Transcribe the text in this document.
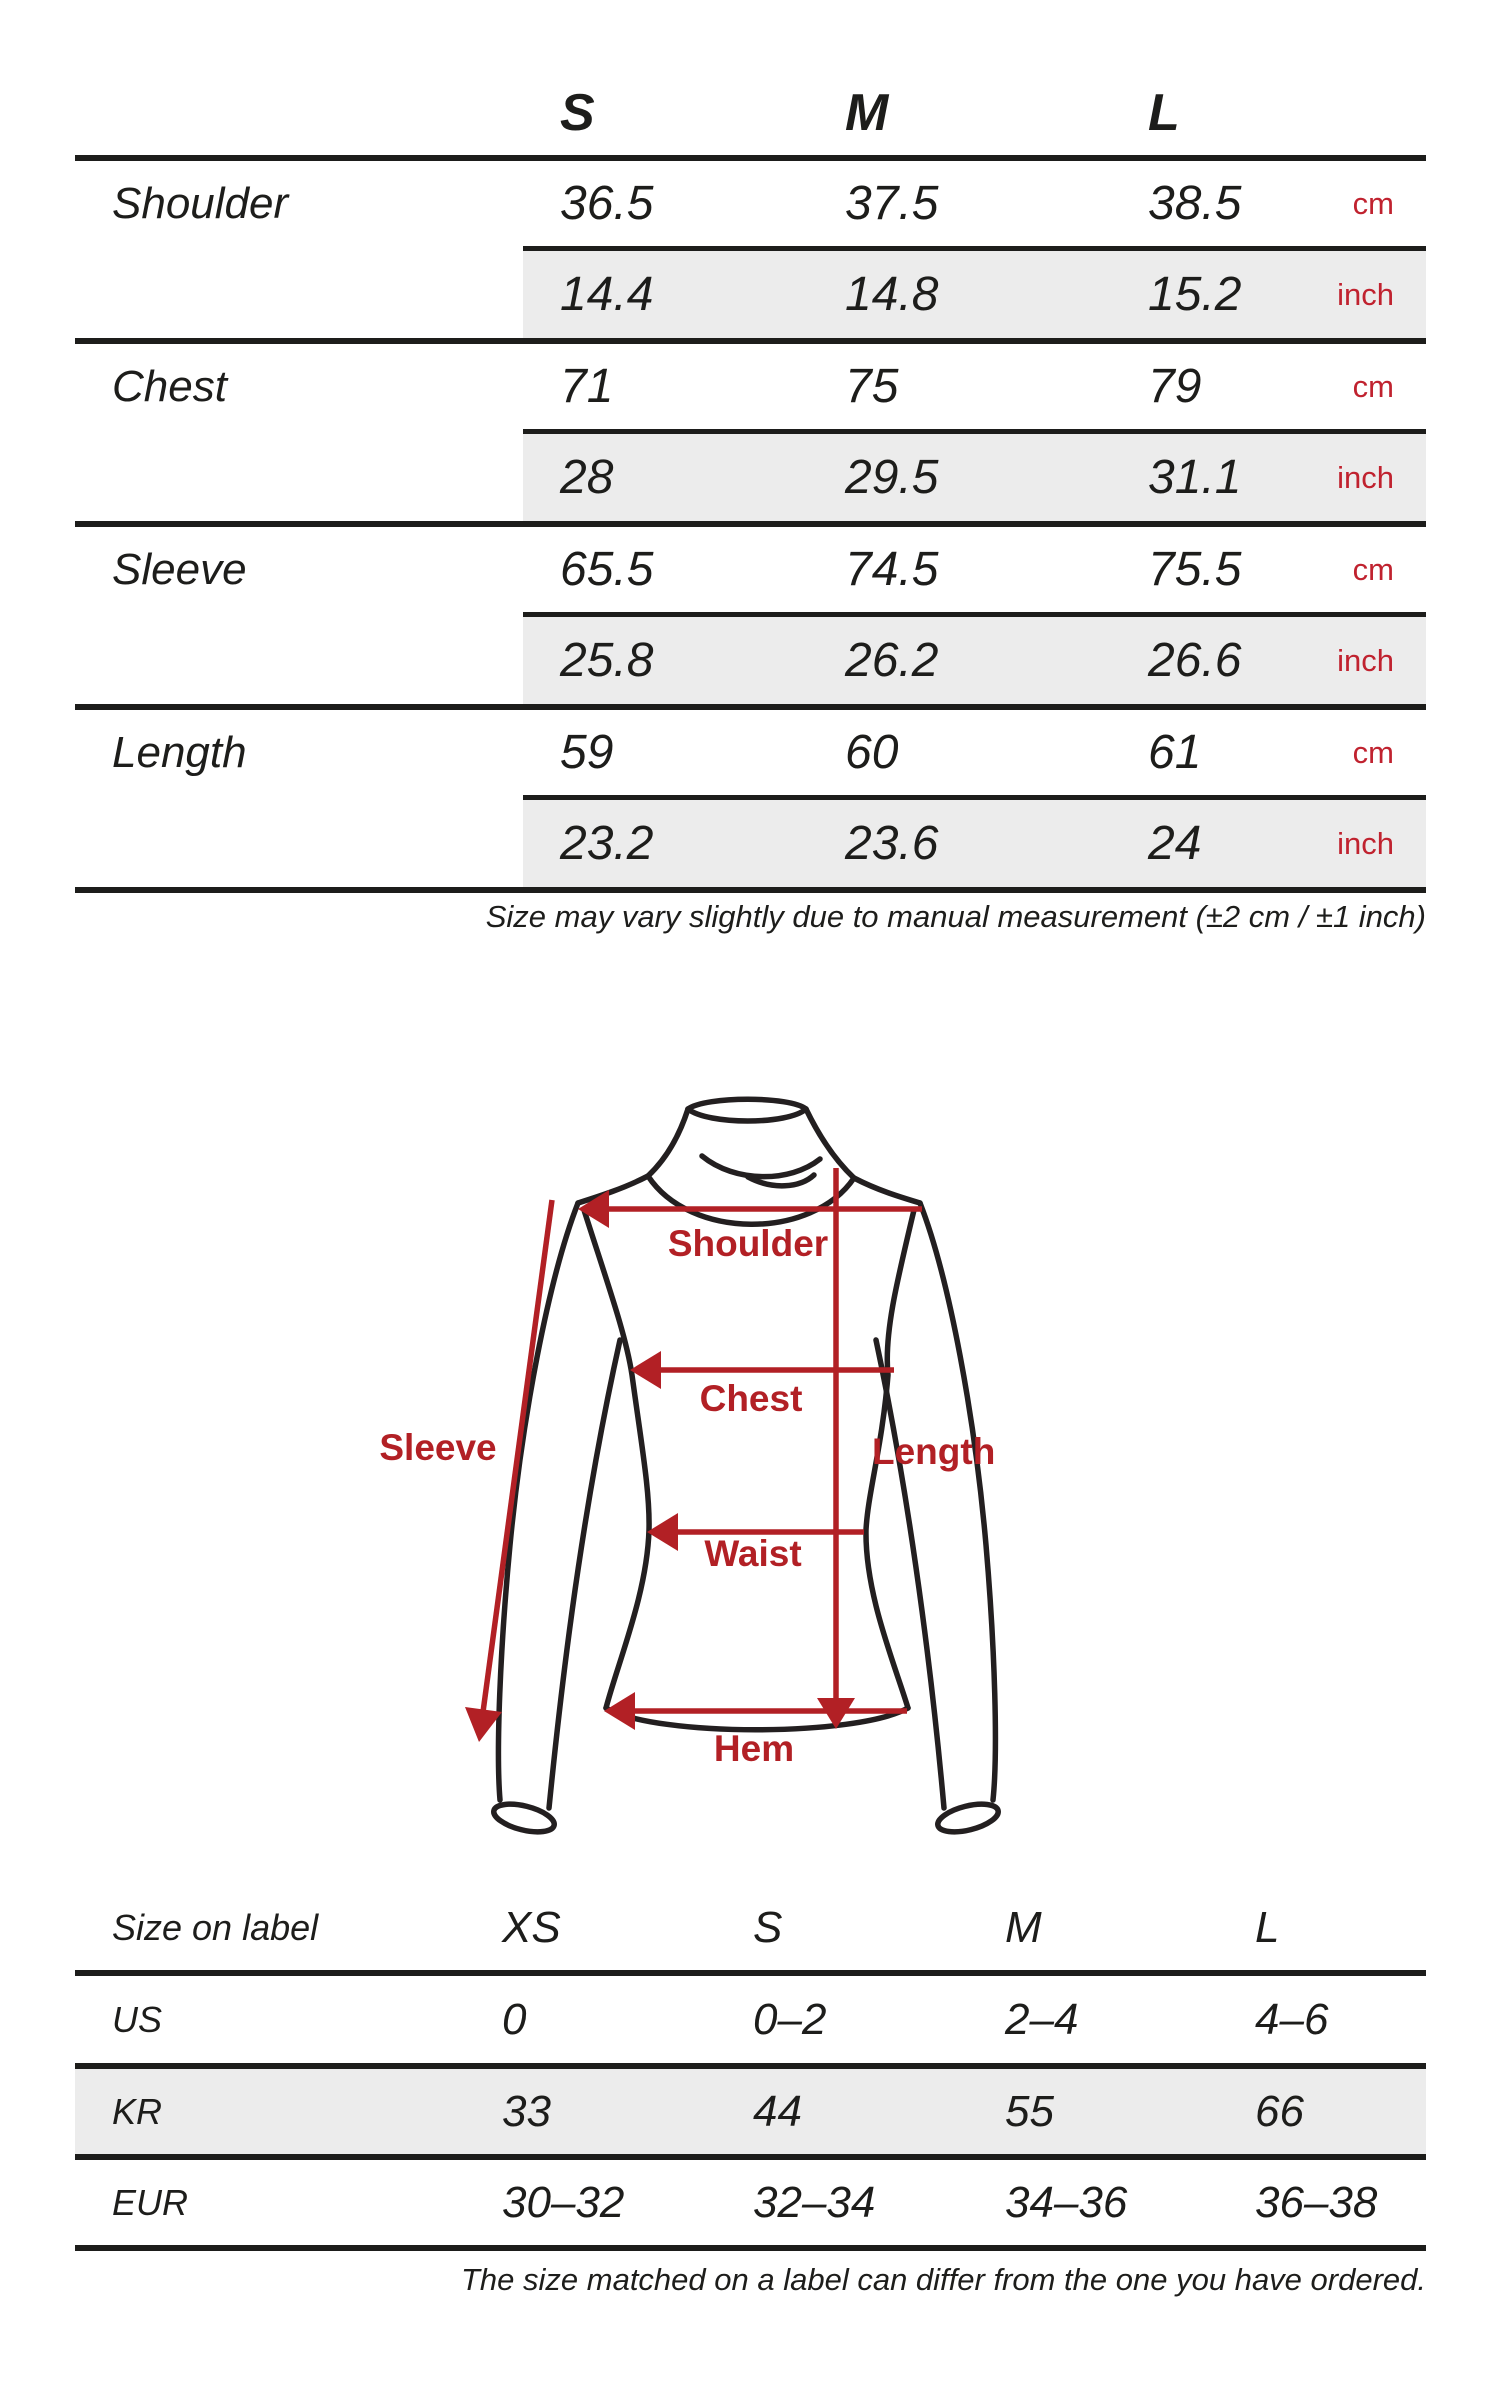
S	M	L
Shoulder	36.5	37.5	38.5	cm
14.4	14.8	15.2	inch
Chest	71	75	79	cm
28	29.5	31.1	inch
Sleeve	65.5	74.5	75.5	cm
25.8	26.2	26.6	inch
Length	59	60	61	cm
23.2	23.6	24	inch
Size may vary slightly due to manual measurement (±2 cm / ±1 inch)
Shoulder
Chest
Length
Sleeve
Waist
Hem
Size on label	XS	S	M	L
US	0	0–2	2–4	4–6
KR	33	44	55	66
EUR	30–32	32–34	34–36	36–38
The size matched on a label can differ from the one you have ordered.
